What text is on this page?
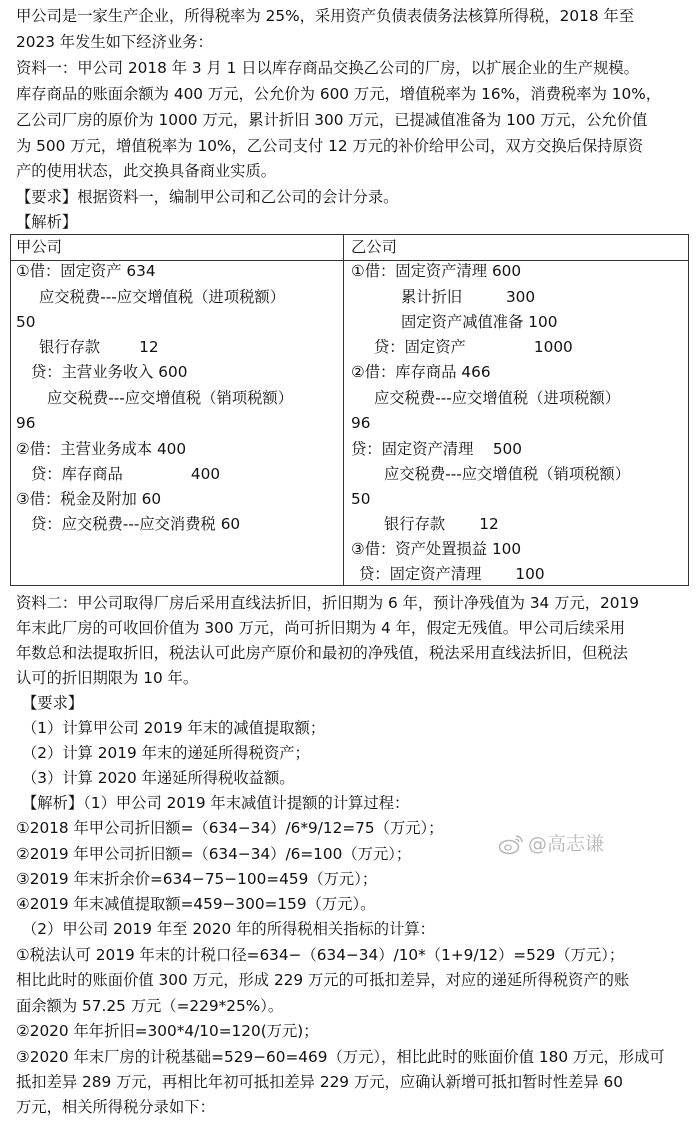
甲公司是一家生产企业，所得税率为 25%，采用资产负债表债务法核算所得税，2018 年至
2023 年发生如下经济业务：
资料一：甲公司 2018 年 3 月 1 日以库存商品交换乙公司的厂房，以扩展企业的生产规模。
库存商品的账面余额为 400 万元，公允价为 600 万元，增值税率为 16%，消费税率为 10%，
乙公司厂房的原价为 1000 万元，累计折旧 300 万元，已提减值准备为 100 万元，公允价值
为 500 万元，增值税率为 10%，乙公司支付 12 万元的补价给甲公司，双方交换后保持原资
产的使用状态，此交换具备商业实质。
【要求】根据资料一，编制甲公司和乙公司的会计分录。
【解析】
甲公司	乙公司
①借：固定资产 634
应交税费---应交增值税（进项税额）
50
银行存款        12
贷：主营业务收入 600
应交税费---应交增值税（销项税额）
96
②借：主营业务成本 400
贷：库存商品              400
③借：税金及附加 60
贷：应交税费---应交消费税 60
①借：固定资产清理 600
累计折旧         300
固定资产减值准备 100
贷：固定资产              1000
②借：库存商品 466
应交税费---应交增值税（进项税额）
96
贷：固定资产清理    500
应交税费---应交增值税（销项税额）
50
银行存款       12
③借：资产处置损益 100
贷：固定资产清理       100
资料二：甲公司取得厂房后采用直线法折旧，折旧期为 6 年，预计净残值为 34 万元，2019
年末此厂房的可收回价值为 300 万元，尚可折旧期为 4 年，假定无残值。甲公司后续采用
年数总和法提取折旧，税法认可此房产原价和最初的净残值，税法采用直线法折旧，但税法
认可的折旧期限为 10 年。
【要求】
（1）计算甲公司 2019 年末的减值提取额；
（2）计算 2019 年末的递延所得税资产；
（3）计算 2020 年递延所得税收益额。
【解析】（1）甲公司 2019 年末减值计提额的计算过程：
①2018 年甲公司折旧额=（634−34）/6*9/12=75（万元）；
②2019 年甲公司折旧额=（634−34）/6=100（万元）；
③2019 年末折余价=634−75−100=459（万元）；
④2019 年末减值提取额=459−300=159（万元）。
（2）甲公司 2019 年至 2020 年的所得税相关指标的计算：
①税法认可 2019 年末的计税口径=634−（634−34）/10*（1+9/12）=529（万元）；
相比此时的账面价值 300 万元，形成 229 万元的可抵扣差异，对应的递延所得税资产的账
面余额为 57.25 万元（=229*25%）。
②2020 年年折旧=300*4/10=120(万元)；
③2020 年末厂房的计税基础=529−60=469（万元），相比此时的账面价值 180 万元，形成可
抵扣差异 289 万元，再相比年初可抵扣差异 229 万元，应确认新增可抵扣暂时性差异 60
万元，相关所得税分录如下：
@高志谦
